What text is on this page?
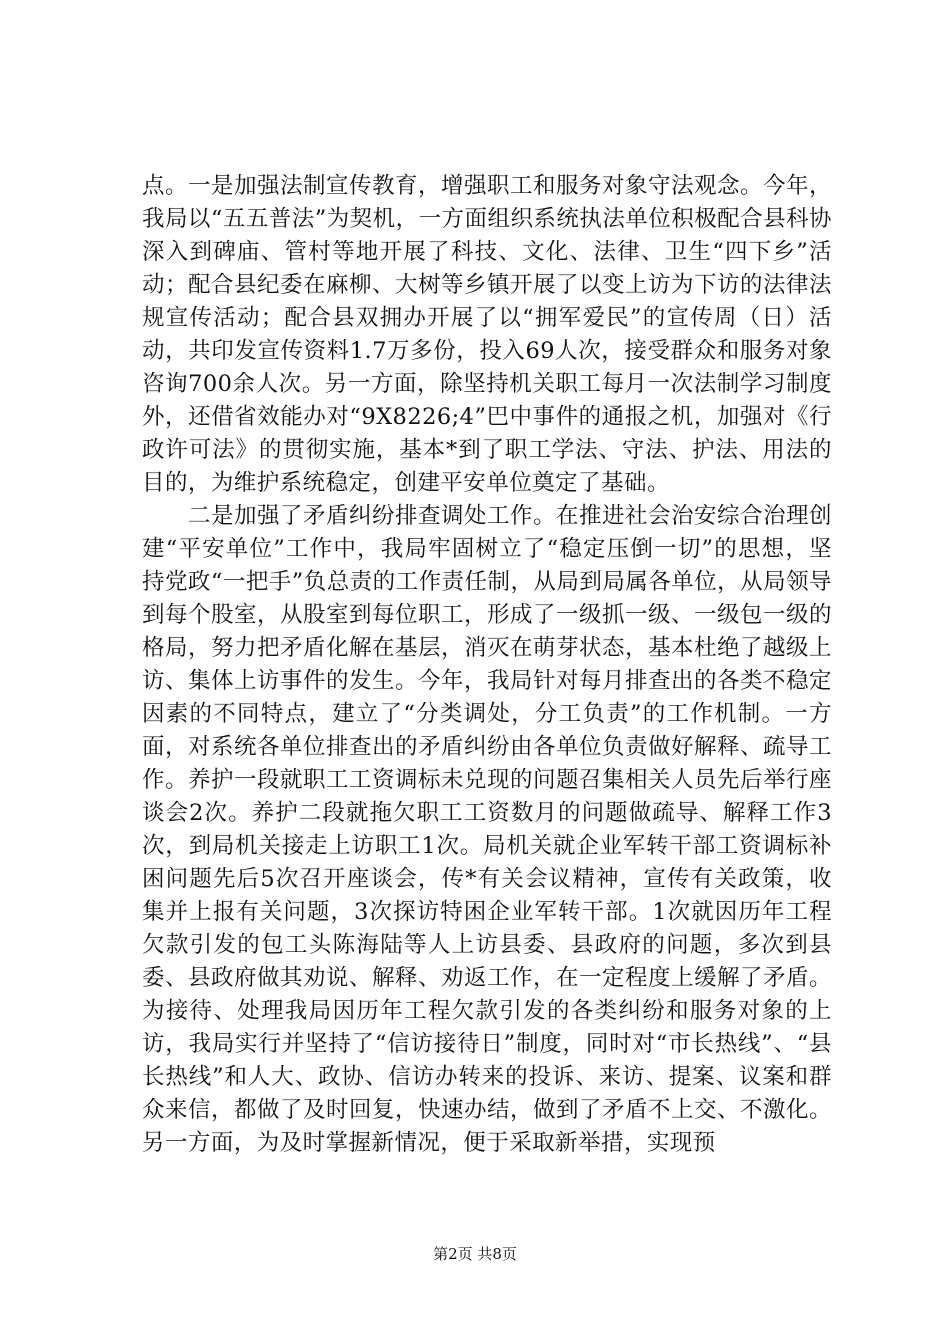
点。一是加强法制宣传教育，增强职工和服务对象守法观念。今年，我局以“五五普法”为契机，一方面组织系统执法单位积极配合县科协深入到碑庙、管村等地开展了科技、文化、法律、卫生“四下乡”活动；配合县纪委在麻柳、大树等乡镇开展了以变上访为下访的法律法规宣传活动；配合县双拥办开展了以“拥军爱民”的宣传周（日）活动，共印发宣传资料1.7万多份，投入69人次，接受群众和服务对象咨询700余人次。另一方面，除坚持机关职工每月一次法制学习制度外，还借省效能办对“9X8226;4”巴中事件的通报之机，加强对《行政许可法》的贯彻实施，基本*到了职工学法、守法、护法、用法的目的，为维护系统稳定，创建平安单位奠定了基础。

二是加强了矛盾纠纷排查调处工作。在推进社会治安综合治理创建“平安单位”工作中，我局牢固树立了“稳定压倒一切”的思想，坚持党政“一把手”负总责的工作责任制，从局到局属各单位，从局领导到每个股室，从股室到每位职工，形成了一级抓一级、一级包一级的格局，努力把矛盾化解在基层，消灭在萌芽状态，基本杜绝了越级上访、集体上访事件的发生。今年，我局针对每月排查出的各类不稳定因素的不同特点，建立了“分类调处，分工负责”的工作机制。一方面，对系统各单位排查出的矛盾纠纷由各单位负责做好解释、疏导工作。养护一段就职工工资调标未兑现的问题召集相关人员先后举行座谈会2次。养护二段就拖欠职工工资数月的问题做疏导、解释工作3次，到局机关接走上访职工1次。局机关就企业军转干部工资调标补困问题先后5次召开座谈会，传*有关会议精神，宣传有关政策，收集并上报有关问题，3次探访特困企业军转干部。1次就因历年工程欠款引发的包工头陈海陆等人上访县委、县政府的问题，多次到县委、县政府做其劝说、解释、劝返工作，在一定程度上缓解了矛盾。为接待、处理我局因历年工程欠款引发的各类纠纷和服务对象的上访，我局实行并坚持了“信访接待日”制度，同时对“市长热线”、“县长热线”和人大、政协、信访办转来的投诉、来访、提案、议案和群众来信，都做了及时回复，快速办结，做到了矛盾不上交、不激化。另一方面，为及时掌握新情况，便于采取新举措，实现预

第2页 共8页
